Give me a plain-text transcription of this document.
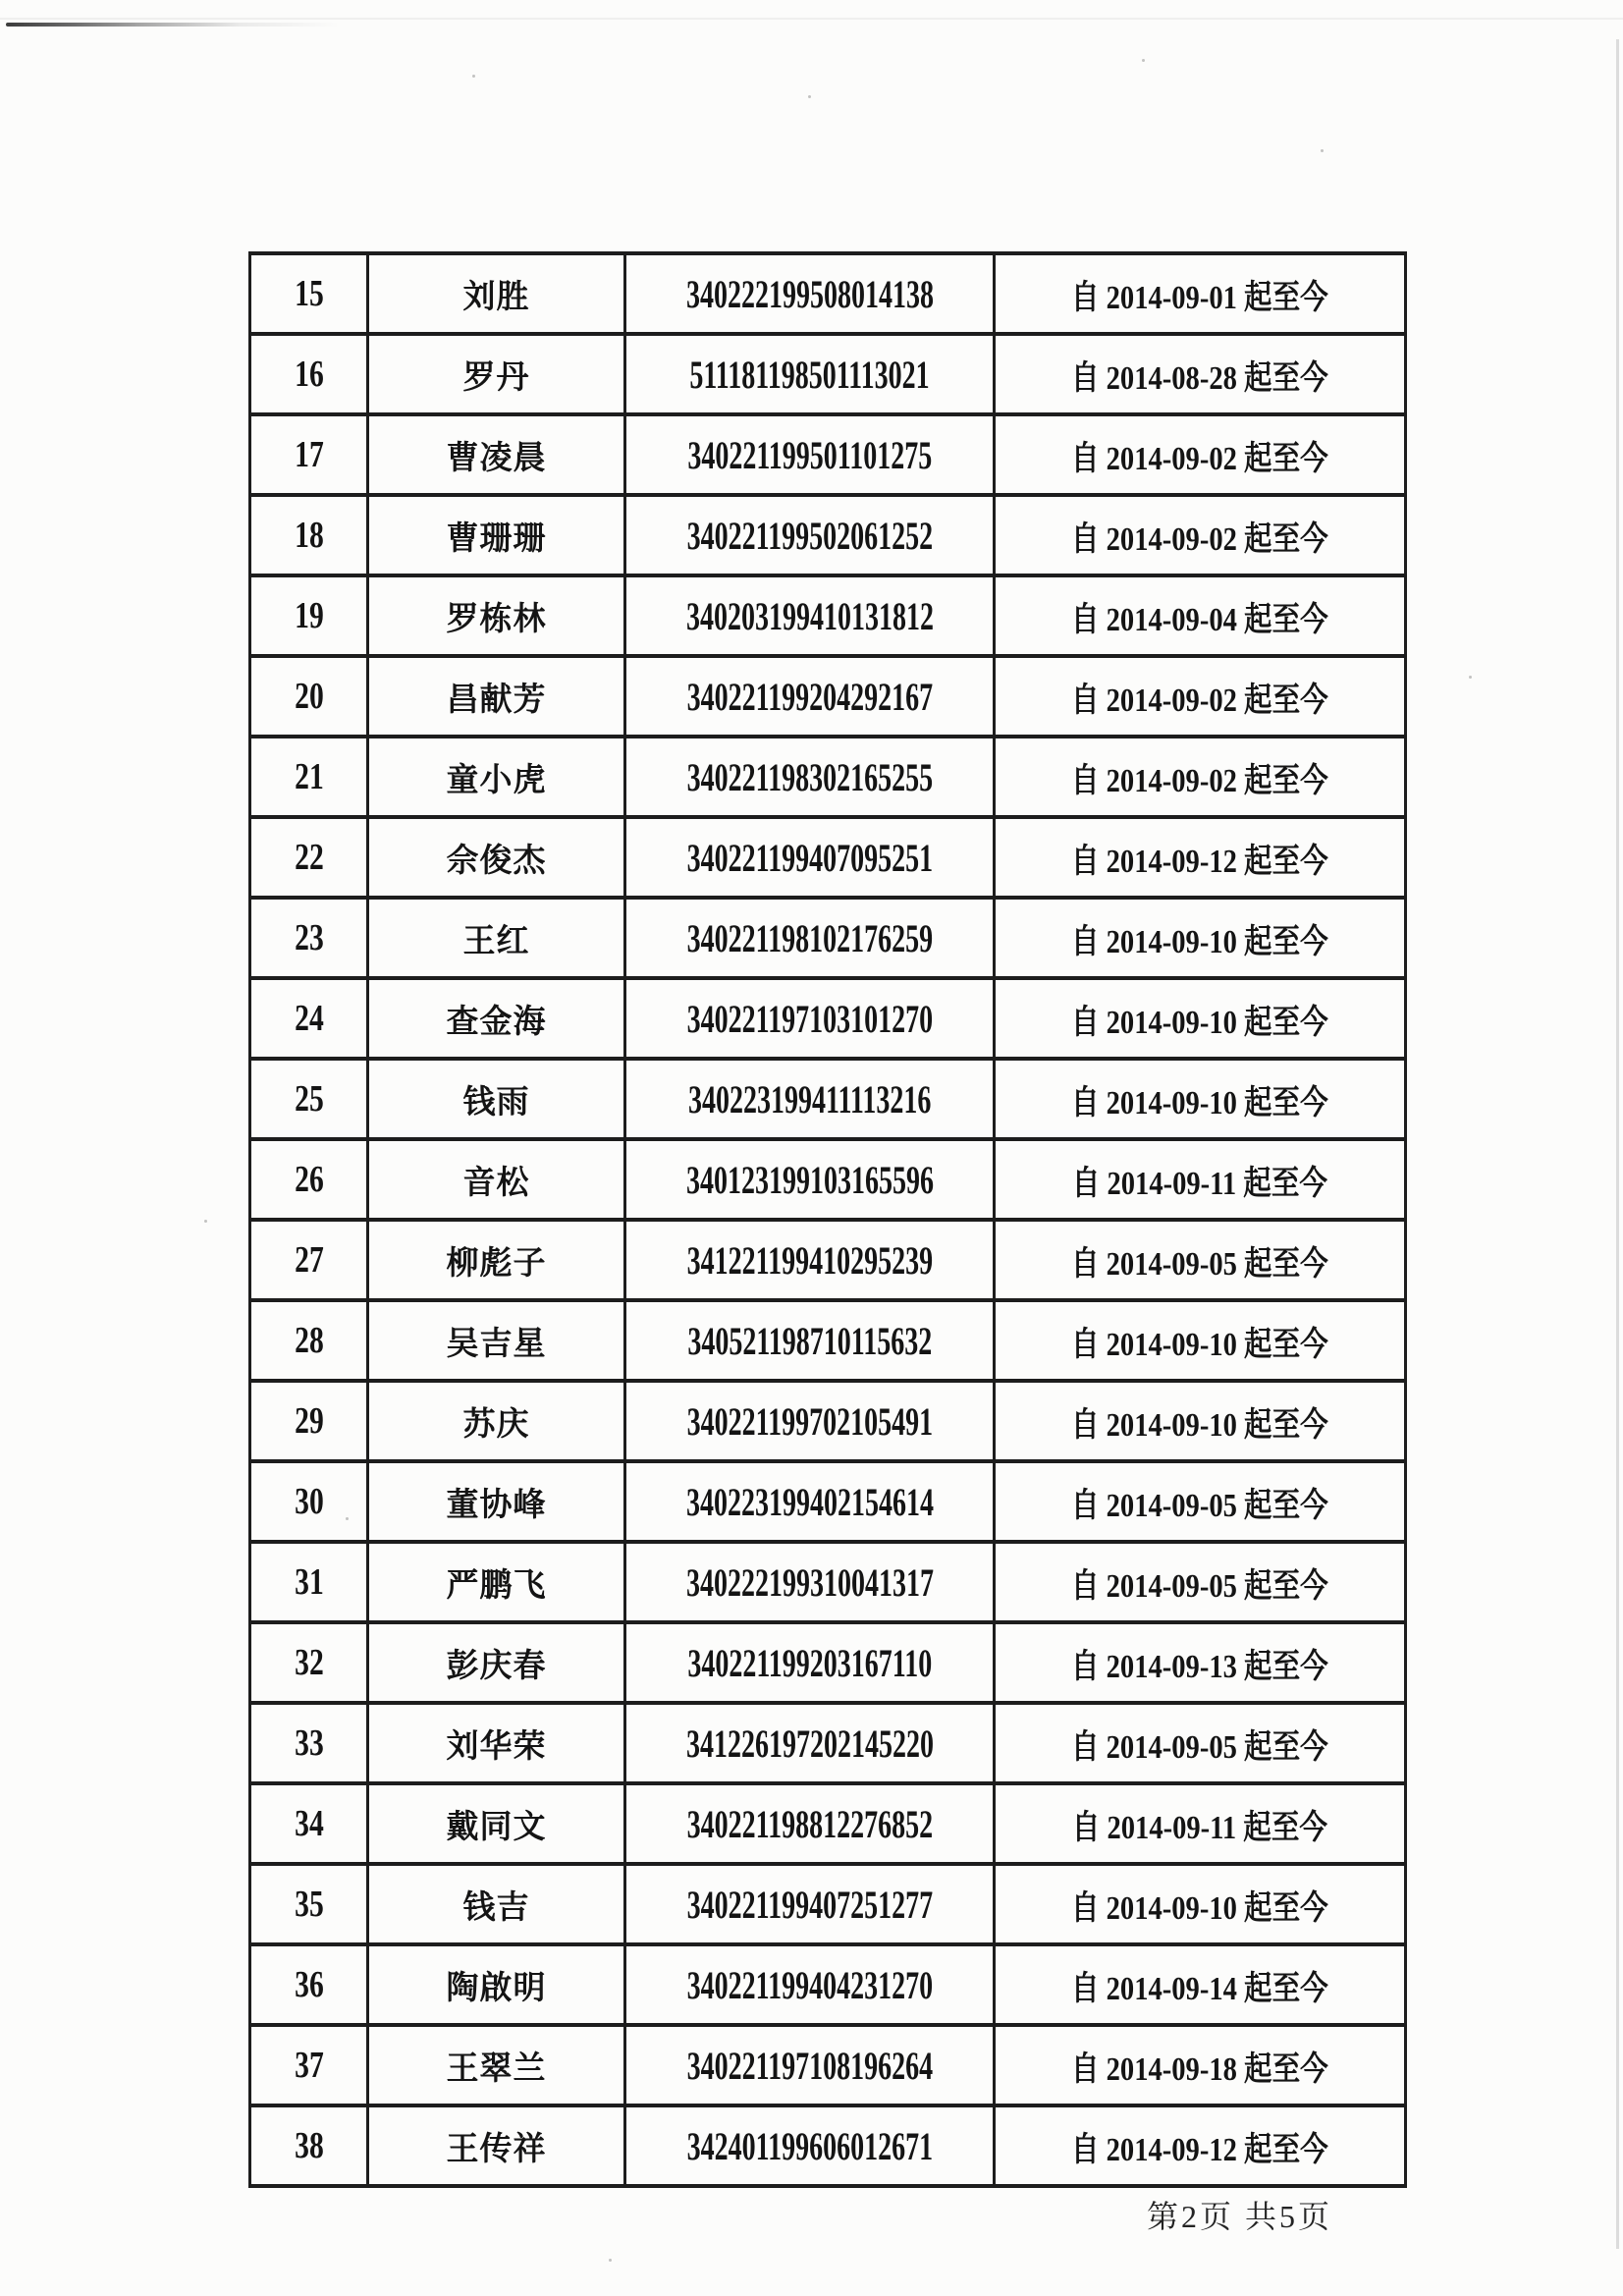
15	刘胜	340222199508014138	自 2014-09-01 起至今
16	罗丹	511181198501113021	自 2014-08-28 起至今
17	曹凌晨	340221199501101275	自 2014-09-02 起至今
18	曹珊珊	340221199502061252	自 2014-09-02 起至今
19	罗栋林	340203199410131812	自 2014-09-04 起至今
20	昌献芳	340221199204292167	自 2014-09-02 起至今
21	童小虎	340221198302165255	自 2014-09-02 起至今
22	佘俊杰	340221199407095251	自 2014-09-12 起至今
23	王红	340221198102176259	自 2014-09-10 起至今
24	查金海	340221197103101270	自 2014-09-10 起至今
25	钱雨	340223199411113216	自 2014-09-10 起至今
26	音松	340123199103165596	自 2014-09-11 起至今
27	柳彪子	341221199410295239	自 2014-09-05 起至今
28	吴吉星	340521198710115632	自 2014-09-10 起至今
29	苏庆	340221199702105491	自 2014-09-10 起至今
30	董协峰	340223199402154614	自 2014-09-05 起至今
31	严鹏飞	340222199310041317	自 2014-09-05 起至今
32	彭庆春	340221199203167110	自 2014-09-13 起至今
33	刘华荣	341226197202145220	自 2014-09-05 起至今
34	戴同文	340221198812276852	自 2014-09-11 起至今
35	钱吉	340221199407251277	自 2014-09-10 起至今
36	陶啟明	340221199404231270	自 2014-09-14 起至今
37	王翠兰	340221197108196264	自 2014-09-18 起至今
38	王传祥	342401199606012671	自 2014-09-12 起至今
第2页 共5页
